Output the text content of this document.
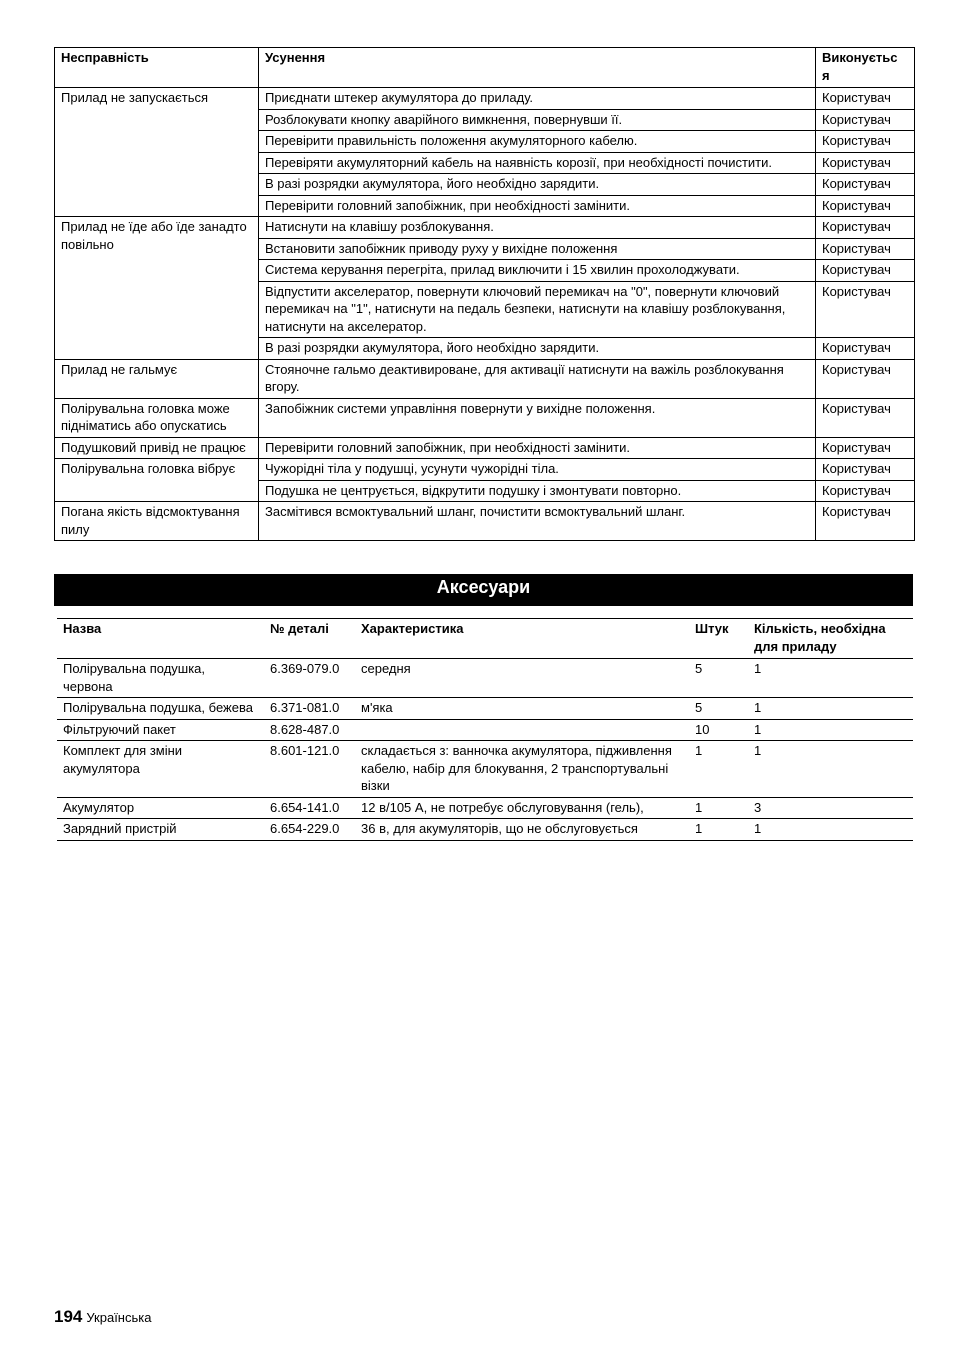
Несправність	Усунення	Виконуєтьс я
Прилад не запускається	Приєднати штекер акумулятора до приладу.	Користувач
	Розблокувати кнопку аварійного вимкнення, повернувши її.	Користувач
	Перевірити правильність положення акумуляторного кабелю.	Користувач
	Перевіряти акумуляторний кабель на наявність корозії, при необхідності почистити.	Користувач
	В разі розрядки акумулятора, його необхідно зарядити.	Користувач
	Перевірити головний запобіжник, при необхідності замінити.	Користувач
Прилад не їде або їде занадто повільно	Натиснути на клавішу розблокування.	Користувач
	Встановити запобіжник приводу руху у вихідне положення	Користувач
	Система керування перегріта, прилад виключити і 15 хвилин прохолоджувати.	Користувач
	Відпустити акселератор, повернути ключовий перемикач на "0", повернути ключовий перемикач на "1", натиснути на педаль безпеки, натиснути на клавішу розблокування, натиснути на акселератор.	Користувач
	В разі розрядки акумулятора, його необхідно зарядити.	Користувач
Прилад не гальмує	Стояночне гальмо деактивироване, для активації натиснути на важіль розблокування вгору.	Користувач
Полірувальна головка може підніматись або опускатись	Запобіжник системи управління повернути у вихідне положення.	Користувач
Подушковий привід не працює	Перевірити головний запобіжник, при необхідності замінити.	Користувач
Полірувальна головка вібрує	Чужорідні тіла у подушці, усунути чужорідні тіла.	Користувач
	Подушка не центрується, відкрутити подушку і змонтувати повторно.	Користувач
Погана якість відсмоктування пилу	Засмітився всмоктувальний шланг, почистити всмоктувальний шланг.	Користувач
Аксесуари
Назва	№ деталі	Характеристика	Штук	Кількість, необхідна для приладу
Полірувальна подушка, червона	6.369-079.0	середня	5	1
Полірувальна подушка, бежева	6.371-081.0	м'яка	5	1
Фільтруючий пакет	8.628-487.0		10	1
Комплект для зміни акумулятора	8.601-121.0	складається з: ванночка акумулятора, підживлення кабелю, набір для блокування, 2 транспортувальні візки	1	1
Акумулятор	6.654-141.0	12 в/105 А, не потребує обслуговування (гель),	1	3
Зарядний пристрій	6.654-229.0	36 в, для акумуляторів, що не обслуговується	1	1
194 Українська
